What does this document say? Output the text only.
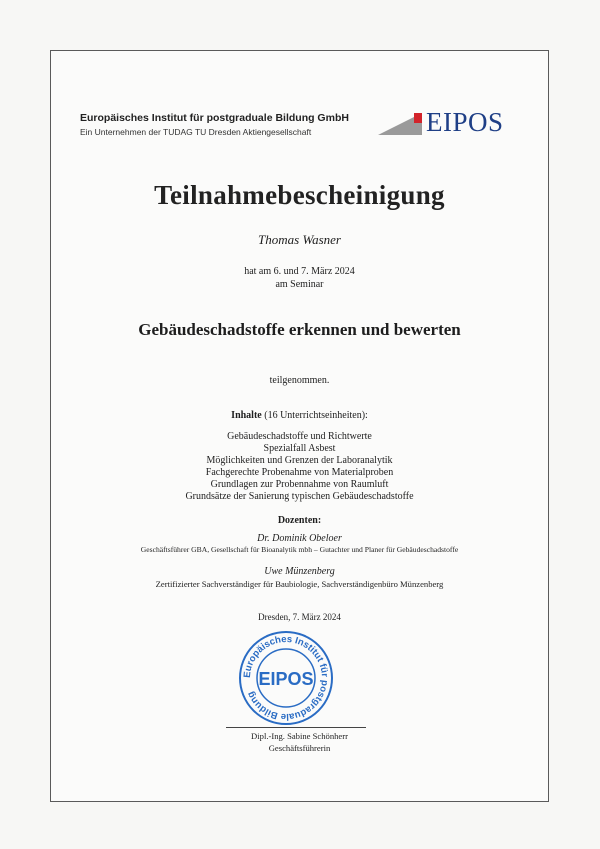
Europäisches Institut für postgraduale Bildung GmbH
Ein Unternehmen der TUDAG TU Dresden Aktiengesellschaft	EIPOS
Teilnahmebescheinigung
Thomas Wasner
hat am 6. und 7. März 2024
am Seminar
Gebäudeschadstoffe erkennen und bewerten
teilgenommen.
Inhalte (16 Unterrichtseinheiten):
Gebäudeschadstoffe und Richtwerte
Spezialfall Asbest
Möglichkeiten und Grenzen der Laboranalytik
Fachgerechte Probenahme von Materialproben
Grundlagen zur Probennahme von Raumluft
Grundsätze der Sanierung typischen Gebäudeschadstoffe
Dozenten:
Dr. Dominik Obeloer
Geschäftsführer GBA, Gesellschaft für Bioanalytik mbh – Gutachter und Planer für Gebäudeschadstoffe
Uwe Münzenberg
Zertifizierter Sachverständiger für Baubiologie, Sachverständigenbüro Münzenberg
Dresden, 7. März 2024
Europäisches Institut für postgraduale Bildung
EIPOS
Dipl.-Ing. Sabine Schönherr
Geschäftsführerin
